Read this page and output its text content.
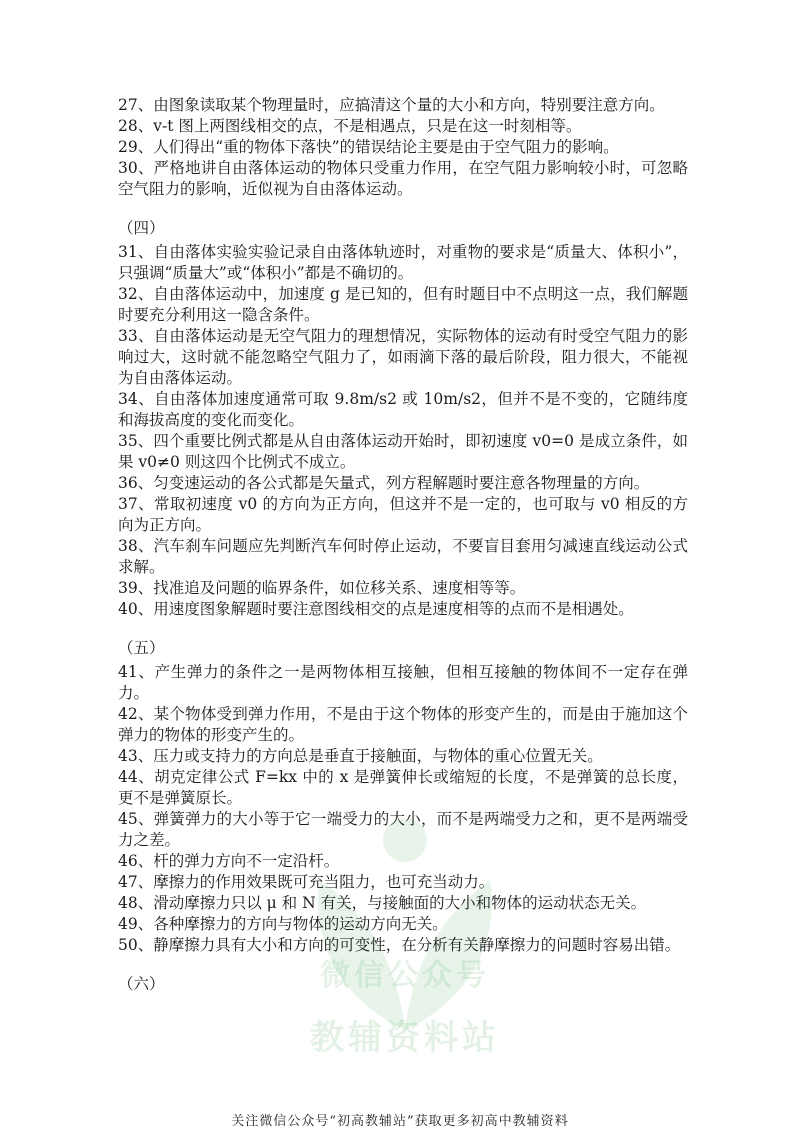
微信公众号
教辅资料站

27、由图象读取某个物理量时，应搞清这个量的大小和方向，特别要注意方向。

28、v-t 图上两图线相交的点，不是相遇点，只是在这一时刻相等。

29、人们得出“重的物体下落快”的错误结论主要是由于空气阻力的影响。

30、严格地讲自由落体运动的物体只受重力作用，在空气阻力影响较小时，可忽略空气阻力的影响，近似视为自由落体运动。

（四）

31、自由落体实验实验记录自由落体轨迹时，对重物的要求是“质量大、体积小”，只强调“质量大”或“体积小”都是不确切的。

32、自由落体运动中，加速度 g 是已知的，但有时题目中不点明这一点，我们解题时要充分利用这一隐含条件。

33、自由落体运动是无空气阻力的理想情况，实际物体的运动有时受空气阻力的影响过大，这时就不能忽略空气阻力了，如雨滴下落的最后阶段，阻力很大，不能视为自由落体运动。

34、自由落体加速度通常可取 9.8m/s2 或 10m/s2，但并不是不变的，它随纬度和海拔高度的变化而变化。

35、四个重要比例式都是从自由落体运动开始时，即初速度 v0=0 是成立条件，如果 v0≠0 则这四个比例式不成立。

36、匀变速运动的各公式都是矢量式，列方程解题时要注意各物理量的方向。

37、常取初速度 v0 的方向为正方向，但这并不是一定的，也可取与 v0 相反的方向为正方向。

38、汽车刹车问题应先判断汽车何时停止运动，不要盲目套用匀减速直线运动公式求解。

39、找准追及问题的临界条件，如位移关系、速度相等等。

40、用速度图象解题时要注意图线相交的点是速度相等的点而不是相遇处。

（五）

41、产生弹力的条件之一是两物体相互接触，但相互接触的物体间不一定存在弹力。

42、某个物体受到弹力作用，不是由于这个物体的形变产生的，而是由于施加这个弹力的物体的形变产生的。

43、压力或支持力的方向总是垂直于接触面，与物体的重心位置无关。

44、胡克定律公式 F=kx 中的 x 是弹簧伸长或缩短的长度，不是弹簧的总长度，更不是弹簧原长。

45、弹簧弹力的大小等于它一端受力的大小，而不是两端受力之和，更不是两端受力之差。

46、杆的弹力方向不一定沿杆。

47、摩擦力的作用效果既可充当阻力，也可充当动力。

48、滑动摩擦力只以 μ 和 N 有关，与接触面的大小和物体的运动状态无关。

49、各种摩擦力的方向与物体的运动方向无关。

50、静摩擦力具有大小和方向的可变性，在分析有关静摩擦力的问题时容易出错。

（六）

关注微信公众号“初高教辅站”获取更多初高中教辅资料
